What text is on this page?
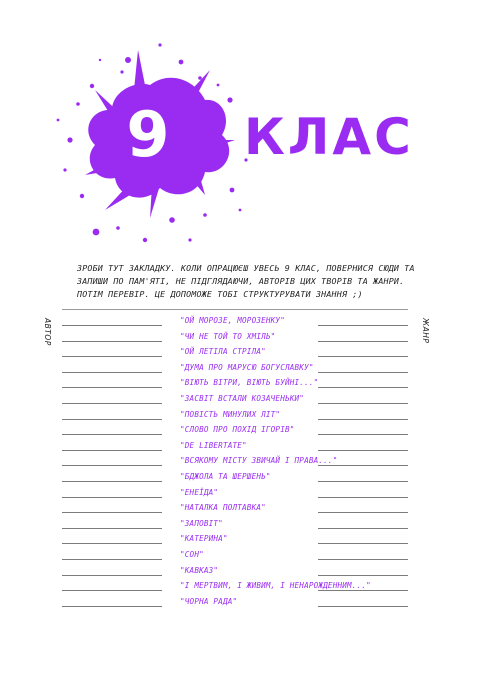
9 КЛАС
ЗРОБИ ТУТ ЗАКЛАДКУ. КОЛИ ОПРАЦЮЄШ УВЕСЬ 9 КЛАС, ПОВЕРНИСЯ СЮДИ ТА ЗАПИШИ ПО ПАМ'ЯТІ, НЕ ПІДГЛЯДАЮЧИ, АВТОРІВ ЦИХ ТВОРІВ ТА ЖАНРИ. ПОТІМ ПЕРЕВІР. ЦЕ ДОПОМОЖЕ ТОБІ СТРУКТУРУВАТИ ЗНАННЯ ;)
АВТОР	ЖАНР
"ОЙ МОРОЗЕ, МОРОЗЕНКУ"
"ЧИ НЕ ТОЙ ТО ХМІЛЬ"
"ОЙ ЛЕТІЛА СТРІЛА"
"ДУМА ПРО МАРУСЮ БОГУСЛАВКУ"
"ВІЮТЬ ВІТРИ, ВІЮТЬ БУЙНІ..."
"ЗАСВІТ ВСТАЛИ КОЗАЧЕНЬКИ"
"ПОВІСТЬ МИНУЛИХ ЛІТ"
"СЛОВО ПРО ПОХІД ІГОРІВ"
"DE LIBERTATE"
"ВСЯКОМУ МІСТУ ЗВИЧАЙ І ПРАВА..."
"БДЖОЛА ТА ШЕРШЕНЬ"
"ЕНЕЇДА"
"НАТАЛКА ПОЛТАВКА"
"ЗАПОВІТ"
"КАТЕРИНА"
"СОН"
"КАВКАЗ"
"І МЕРТВИМ, І ЖИВИМ, І НЕНАРОЖДЕННИМ..."
"ЧОРНА РАДА"
